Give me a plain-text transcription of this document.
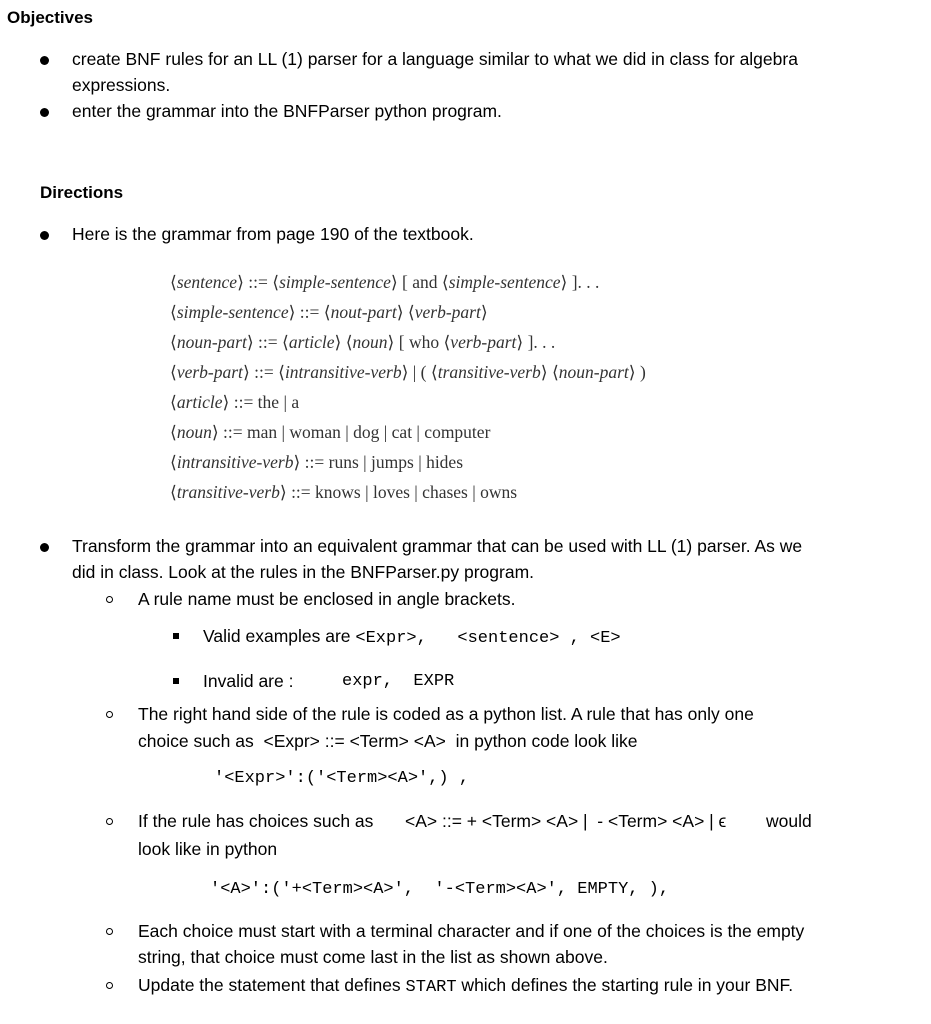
Objectives
create BNF rules for an LL (1) parser for a language similar to what we did in class for algebra
expressions.
enter the grammar into the BNFParser python program.
Directions
Here is the grammar from page 190 of the textbook.
⟨sentence⟩ ::= ⟨simple-sentence⟩ [ and ⟨simple-sentence⟩ ]. . .
⟨simple-sentence⟩ ::= ⟨nout-part⟩ ⟨verb-part⟩
⟨noun-part⟩ ::= ⟨article⟩ ⟨noun⟩ [ who ⟨verb-part⟩ ]. . .
⟨verb-part⟩ ::= ⟨intransitive-verb⟩ | ( ⟨transitive-verb⟩ ⟨noun-part⟩ )
⟨article⟩ ::= the | a
⟨noun⟩ ::= man | woman | dog | cat | computer
⟨intransitive-verb⟩ ::= runs | jumps | hides
⟨transitive-verb⟩ ::= knows | loves | chases | owns
Transform the grammar into an equivalent grammar that can be used with LL (1) parser. As we
did in class. Look at the rules in the BNFParser.py program.
A rule name must be enclosed in angle brackets.
Valid examples are <Expr>,   <sentence> , <E>
Invalid are :	expr,  EXPR
The right hand side of the rule is coded as a python list. A rule that has only one
choice such as  <Expr> ::= <Term> <A>  in python code look like
'<Expr>':('<Term><A>',) ,
If the rule has choices such as <A> ::= + <Term> <A> |  - <Term> <A> | ϵ would
look like in python
'<A>':('+<Term><A>',  '-<Term><A>', EMPTY, ),
Each choice must start with a terminal character and if one of the choices is the empty
string, that choice must come last in the list as shown above.
Update the statement that defines START which defines the starting rule in your BNF.
